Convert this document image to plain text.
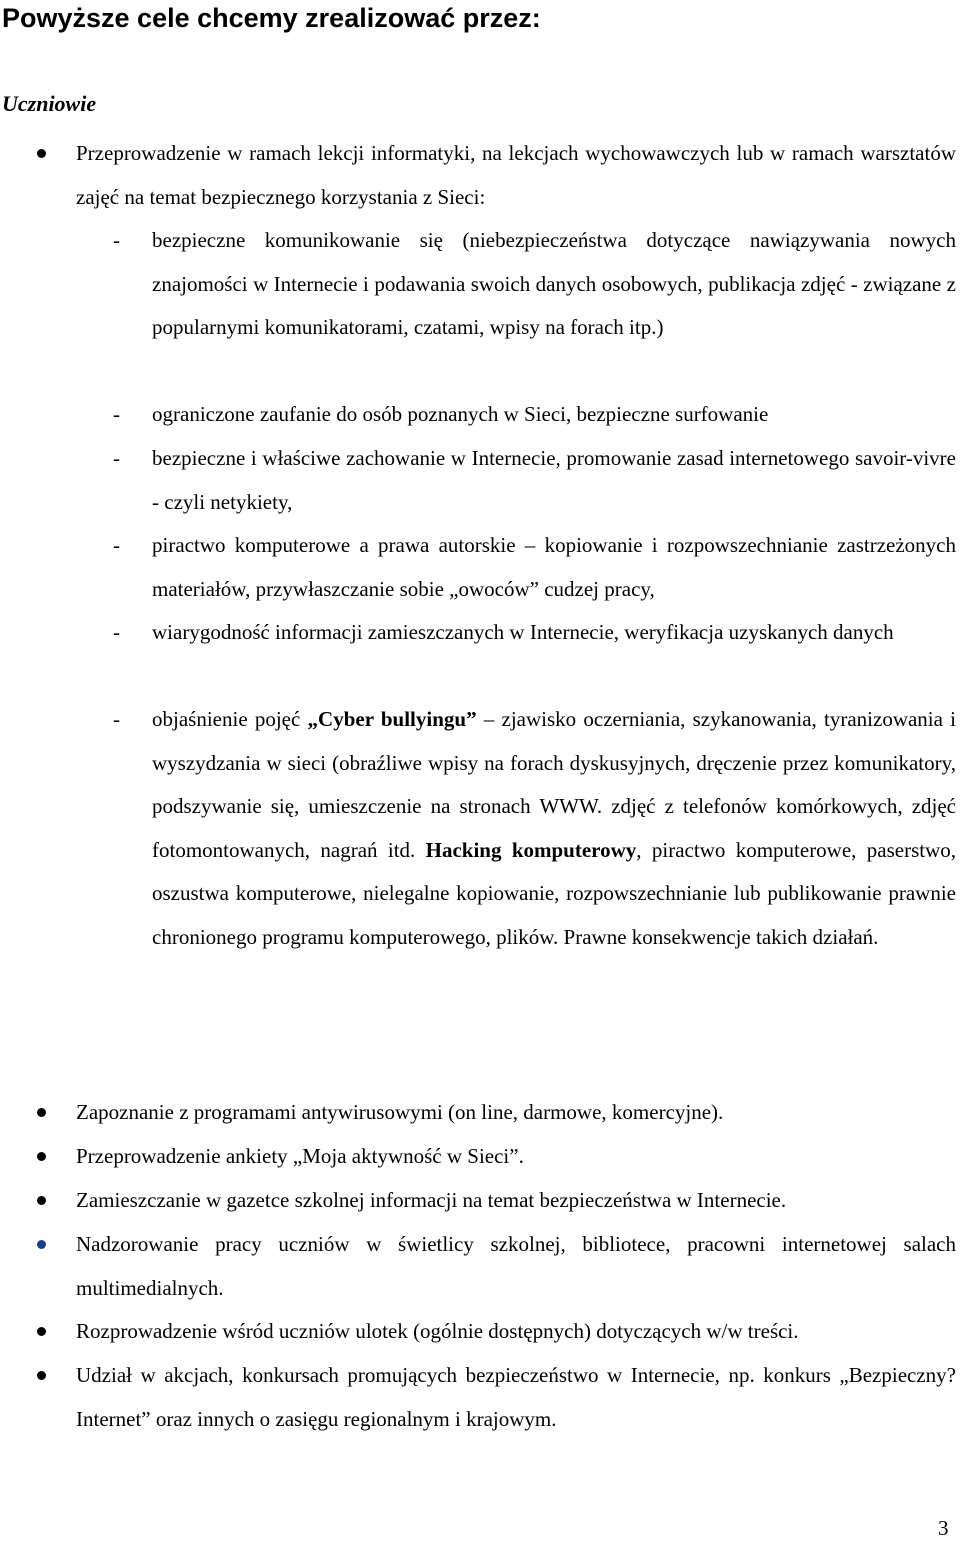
Powyższe cele chcemy zrealizować przez:
Uczniowie

Przeprowadzenie w ramach lekcji informatyki, na lekcjach wychowawczych lub w ramach warsztatów zajęć na temat bezpiecznego korzystania z Sieci:

- bezpieczne komunikowanie się (niebezpieczeństwa dotyczące nawiązywania nowych znajomości w Internecie i podawania swoich danych osobowych, publikacja zdjęć - związane z popularnymi komunikatorami, czatami, wpisy na forach itp.)

- ograniczone zaufanie do osób poznanych w Sieci, bezpieczne surfowanie

- bezpieczne i właściwe zachowanie w Internecie, promowanie zasad internetowego savoir-vivre - czyli netykiety,

- piractwo komputerowe a prawa autorskie – kopiowanie i rozpowszechnianie zastrzeżonych materiałów, przywłaszczanie sobie „owoców” cudzej pracy,

- wiarygodność informacji zamieszczanych w Internecie, weryfikacja uzyskanych danych

- objaśnienie pojęć „Cyber bullyingu” – zjawisko oczerniania, szykanowania, tyranizowania i wyszydzania w sieci (obraźliwe wpisy na forach dyskusyjnych, dręczenie przez komunikatory, podszywanie się, umieszczenie na stronach WWW. zdjęć z telefonów komórkowych, zdjęć fotomontowanych, nagrań itd. Hacking komputerowy, piractwo komputerowe, paserstwo, oszustwa komputerowe, nielegalne kopiowanie, rozpowszechnianie lub publikowanie prawnie chronionego programu komputerowego, plików. Prawne konsekwencje takich działań.

Zapoznanie z programami antywirusowymi (on line, darmowe, komercyjne).

Przeprowadzenie ankiety „Moja aktywność w Sieci”.

Zamieszczanie w gazetce szkolnej informacji na temat bezpieczeństwa w Internecie.

Nadzorowanie pracy uczniów w świetlicy szkolnej, bibliotece, pracowni internetowej salach multimedialnych.

Rozprowadzenie wśród uczniów ulotek (ogólnie dostępnych) dotyczących w/w treści.

Udział w akcjach, konkursach promujących bezpieczeństwo w Internecie, np. konkurs „Bezpieczny?Internet” oraz innych o zasięgu regionalnym i krajowym.

3
